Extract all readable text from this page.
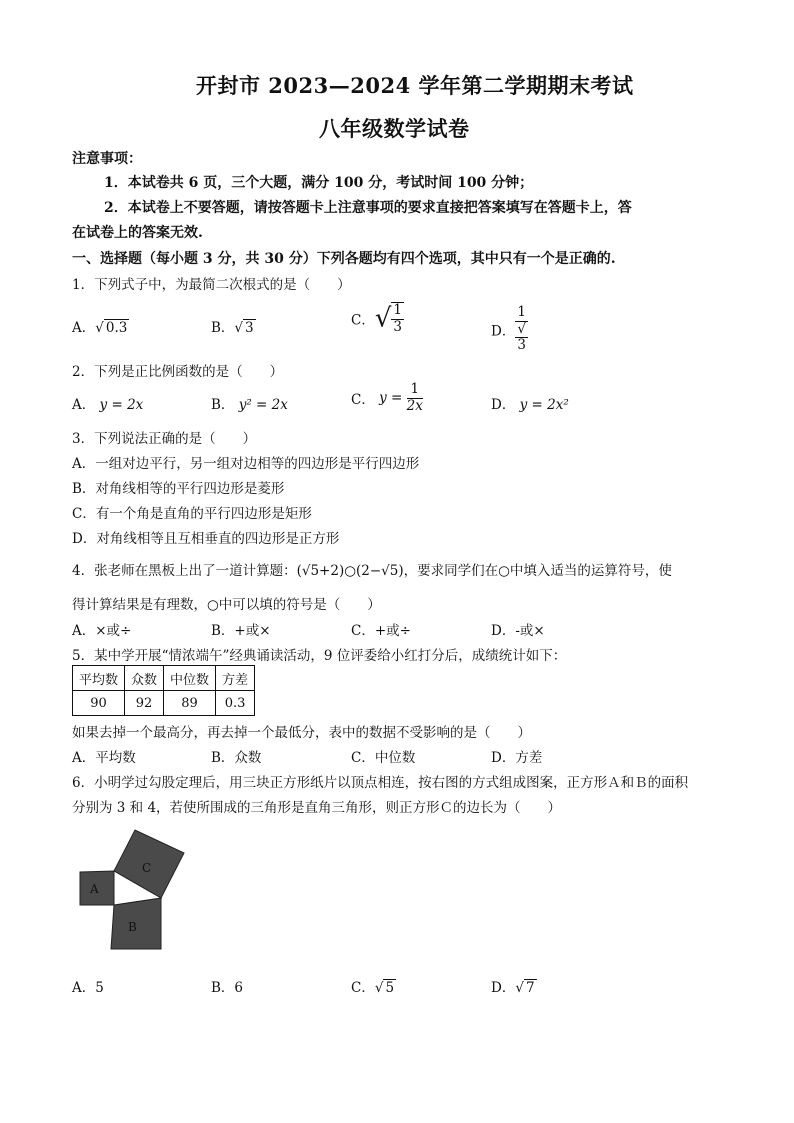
开封市 2023—2024 学年第二学期期末考试
八年级数学试卷
注意事项：
1．本试卷共 6 页，三个大题，满分 100 分，考试时间 100 分钟；
2．本试卷上不要答题，请按答题卡上注意事项的要求直接把答案填写在答题卡上，答
在试卷上的答案无效.
一、选择题（每小题 3 分，共 30 分）下列各题均有四个选项，其中只有一个是正确的.
1．下列式子中，为最简二次根式的是（　　）
A．√ 0.3	B．√ 3	C．√ $\frac{1}{3}$	D． 1
√
3
2．下列是正比例函数的是（　　）
A． y = 2x	B． y² = 2x	C． $y = \frac{1}{2x}$	D． y = 2x²
3．下列说法正确的是（　　）
A．一组对边平行，另一组对边相等的四边形是平行四边形
B．对角线相等的平行四边形是菱形
C．有一个角是直角的平行四边形是矩形
D．对角线相等且互相垂直的四边形是正方形
4．张老师在黑板上出了一道计算题：(√5+2)○(2−√5)，要求同学们在○中填入适当的运算符号，使
得计算结果是有理数，○中可以填的符号是（　　）
A．×或÷	B．+或×	C．+或÷	D．-或×
5．某中学开展“情浓端午”经典诵读活动，9 位评委给小红打分后，成绩统计如下：
平均数	众数	中位数	方差
90	92	89	0.3
如果去掉一个最高分，再去掉一个最低分，表中的数据不受影响的是（　　）
A．平均数	B．众数	C．中位数	D．方差
6．小明学过勾股定理后，用三块正方形纸片以顶点相连，按右图的方式组成图案，正方形Ａ和Ｂ的面积
分别为 3 和 4，若使所围成的三角形是直角三角形，则正方形Ｃ的边长为（　　）
C
A
B
A．5	B．6	C．√ 5	D．√ 7
